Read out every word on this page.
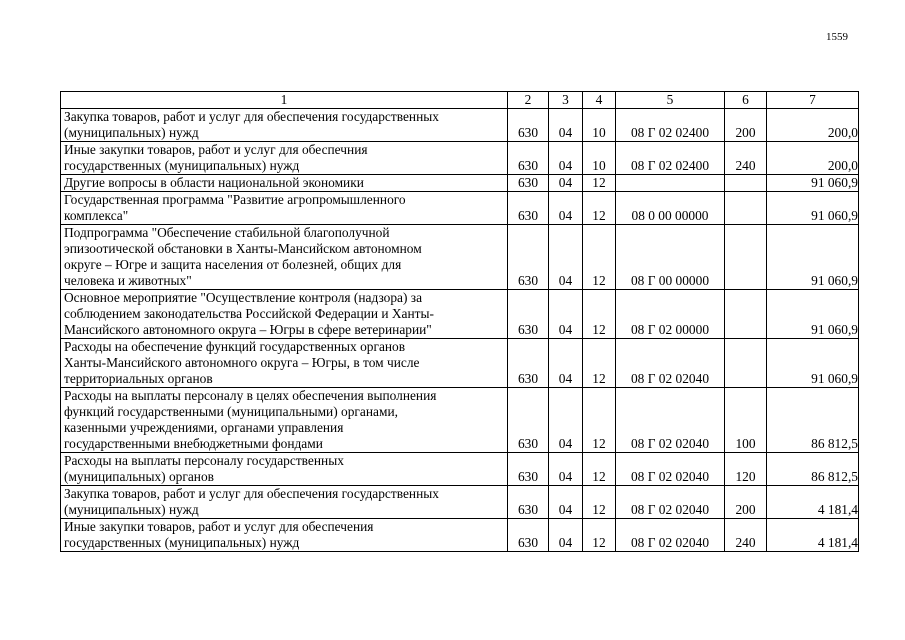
1559
1	2	3	4	5	6	7

Закупка товаров, работ и услуг для обеспечения государственных
(муниципальных) нужд	630	04	10	08 Г 02 02400	200	200,0

Иные закупки товаров, работ и услуг для обеспечния
государственных (муниципальных) нужд	630	04	10	08 Г 02 02400	240	200,0

Другие вопросы в области национальной экономики	630	04	12			91 060,9

Государственная программа "Развитие агропромышленного
комплекса"	630	04	12	08 0 00 00000		91 060,9

Подпрограмма "Обеспечение стабильной благополучной
эпизоотической обстановки в Ханты-Мансийском автономном
округе – Югре и защита населения от болезней, общих для
человека и животных"	630	04	12	08 Г 00 00000		91 060,9

Основное мероприятие "Осуществление контроля (надзора) за
соблюдением законодательства Российской Федерации и Ханты-
Мансийского автономного округа – Югры в сфере ветеринарии"	630	04	12	08 Г 02 00000		91 060,9

Расходы на обеспечение функций государственных органов
Ханты-Мансийского автономного округа – Югры, в том числе
территориальных органов	630	04	12	08 Г 02 02040		91 060,9

Расходы на выплаты персоналу в целях обеспечения выполнения
функций государственными (муниципальными) органами,
казенными учреждениями, органами управления
государственными внебюджетными фондами	630	04	12	08 Г 02 02040	100	86 812,5

Расходы на выплаты персоналу государственных
(муниципальных) органов	630	04	12	08 Г 02 02040	120	86 812,5

Закупка товаров, работ и услуг для обеспечения государственных
(муниципальных) нужд	630	04	12	08 Г 02 02040	200	4 181,4

Иные закупки товаров, работ и услуг для обеспечения
государственных (муниципальных) нужд	630	04	12	08 Г 02 02040	240	4 181,4
